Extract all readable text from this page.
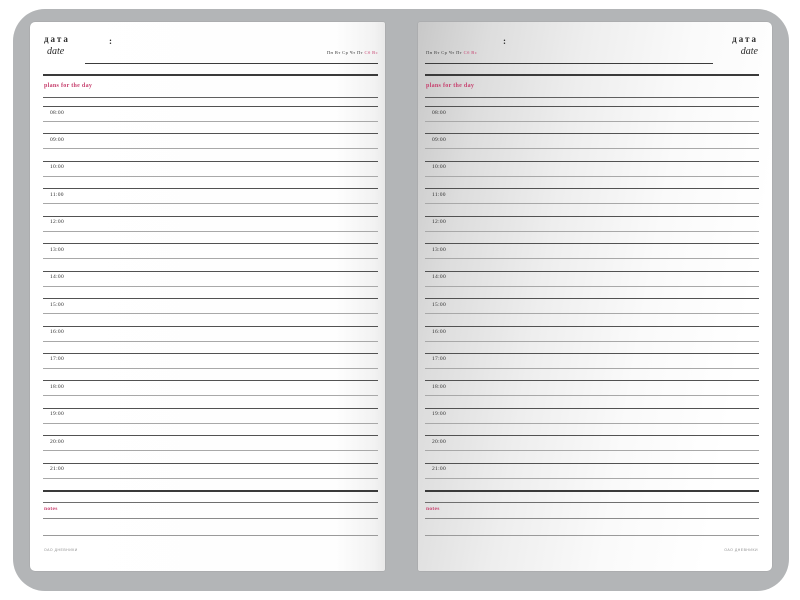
дата
date
:
Пн Вт Ср Чт Пт Сб Вс
plans for the day
08:00
09:00
10:00
11:00
12:00
13:00
14:00
15:00
16:00
17:00
18:00
19:00
20:00
21:00
notes
ОАО ДНЕВНИКИ
Пн Вт Ср Чт Пт Сб Вс
:	дата
date
plans for the day
08:00
09:00
10:00
11:00
12:00
13:00
14:00
15:00
16:00
17:00
18:00
19:00
20:00
21:00
notes
ОАО ДНЕВНИКИ
